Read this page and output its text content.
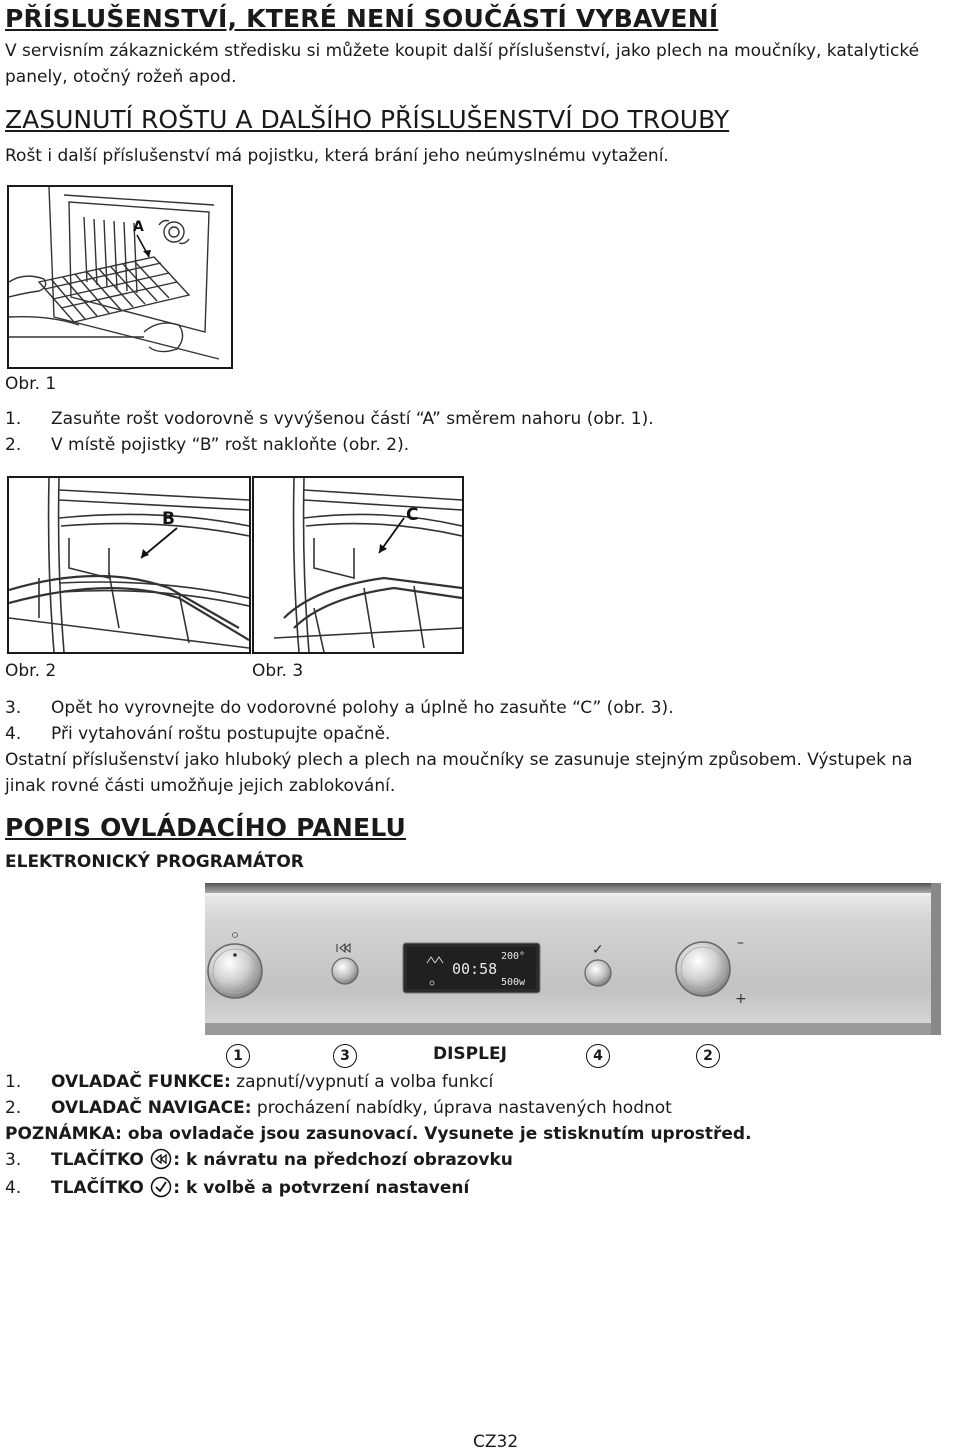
PŘÍSLUŠENSTVÍ, KTERÉ NENÍ SOUČÁSTÍ VYBAVENÍ
V servisním zákaznickém středisku si můžete koupit další příslušenství, jako plech na moučníky, katalytické
panely, otočný rožeň apod.
ZASUNUTÍ ROŠTU A DALŠÍHO PŘÍSLUŠENSTVÍ DO TROUBY
Rošt i další příslušenství má pojistku, která brání jeho neúmyslnému vytažení.
A
Obr. 1
1. Zasuňte rošt vodorovně s vyvýšenou částí “A” směrem nahoru (obr. 1).
2. V místě pojistky “B” rošt nakloňte (obr. 2).
B	C
Obr. 2	Obr. 3
3. Opět ho vyrovnejte do vodorovné polohy a úplně ho zasuňte “C” (obr. 3).
4. Při vytahování roštu postupujte opačně.
Ostatní příslušenství jako hluboký plech a plech na moučníky se zasunuje stejným způsobem. Výstupek na
jinak rovné části umožňuje jejich zablokování.
POPIS OVLÁDACÍHO PANELU
ELEKTRONICKÝ PROGRAMÁTOR
00:58
200°
500w
✓	–
+
1	3	DISPLEJ	4	2
1. OVLADAČ FUNKCE: zapnutí/vypnutí a volba funkcí
2. OVLADAČ NAVIGACE: procházení nabídky, úprava nastavených hodnot
POZNÁMKA: oba ovladače jsou zasunovací. Vysunete je stisknutím uprostřed.
3. TLAČÍTKO : k návratu na předchozí obrazovku
4. TLAČÍTKO : k volbě a potvrzení nastavení
CZ32
